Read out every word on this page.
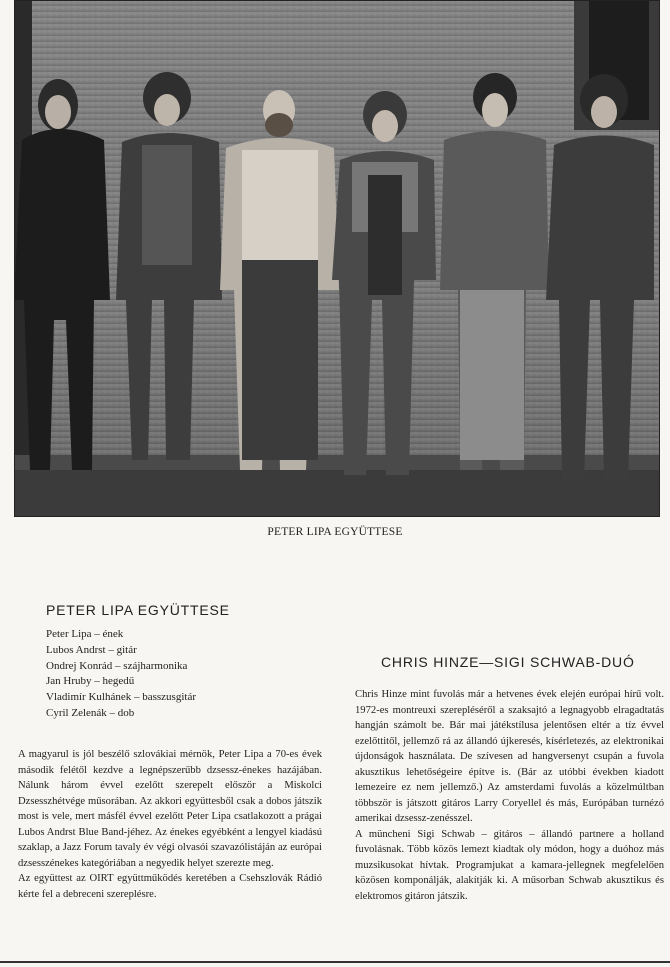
PETER LIPA EGYÜTTESE
PETER LIPA EGYÜTTESE
Peter Lipa – ének
Lubos Andrst – gitár
Ondrej Konrád – szájharmonika
Jan Hruby – hegedű
Vladimír Kulhánek – basszusgitár
Cyril Zelenák – dob
A magyarul is jól beszélő szlovákiai mérnök, Peter Lipa a 70-es évek második felétől kezdve a legnépszerűbb dzsessz-énekes hazájában. Nálunk három évvel ezelőtt szerepelt először a Miskolci Dzsesszhétvége műsorában. Az akkori együttesből csak a dobos játszik most is vele, mert másfél évvel ezelőtt Peter Lipa csatlakozott a prágai Lubos Andrst Blue Band-jéhez. Az énekes egyébként a lengyel kiadású szaklap, a Jazz Forum tavaly év végi olvasói szavazólistáján az európai dzsesszénekes kategóriában a negyedik helyet szerezte meg.
Az együttest az OIRT együttműködés keretében a Csehszlovák Rádió kérte fel a debreceni szereplésre.
CHRIS HINZE—SIGI SCHWAB-DUÓ
Chris Hinze mint fuvolás már a hetvenes évek elején európai hírű volt. 1972-es montreuxi szerepléséről a szaksajtó a legnagyobb elragadtatás hangján számolt be. Bár mai játékstílusa jelentősen eltér a tíz évvel ezelőttitől, jellemző rá az állandó újkeresés, kísérletezés, az elektronikai újdonságok használata. De szívesen ad hangversenyt csupán a fuvola akusztikus lehetőségeire építve is. (Bár az utóbbi években kiadott lemezeire ez nem jellemző.) Az amsterdami fuvolás a közelmúltban többször is játszott gitáros Larry Coryellel és más, Európában turnézó amerikai dzsessz-zenésszel.
A müncheni Sigi Schwab – gitáros – állandó partnere a holland fuvolásnak. Több közös lemezt kiadtak oly módon, hogy a duóhoz más muzsikusokat hívtak. Programjukat a kamara-jellegnek megfelelően közösen komponálják, alakítják ki. A műsorban Schwab akusztikus és elektromos gitáron játszik.
